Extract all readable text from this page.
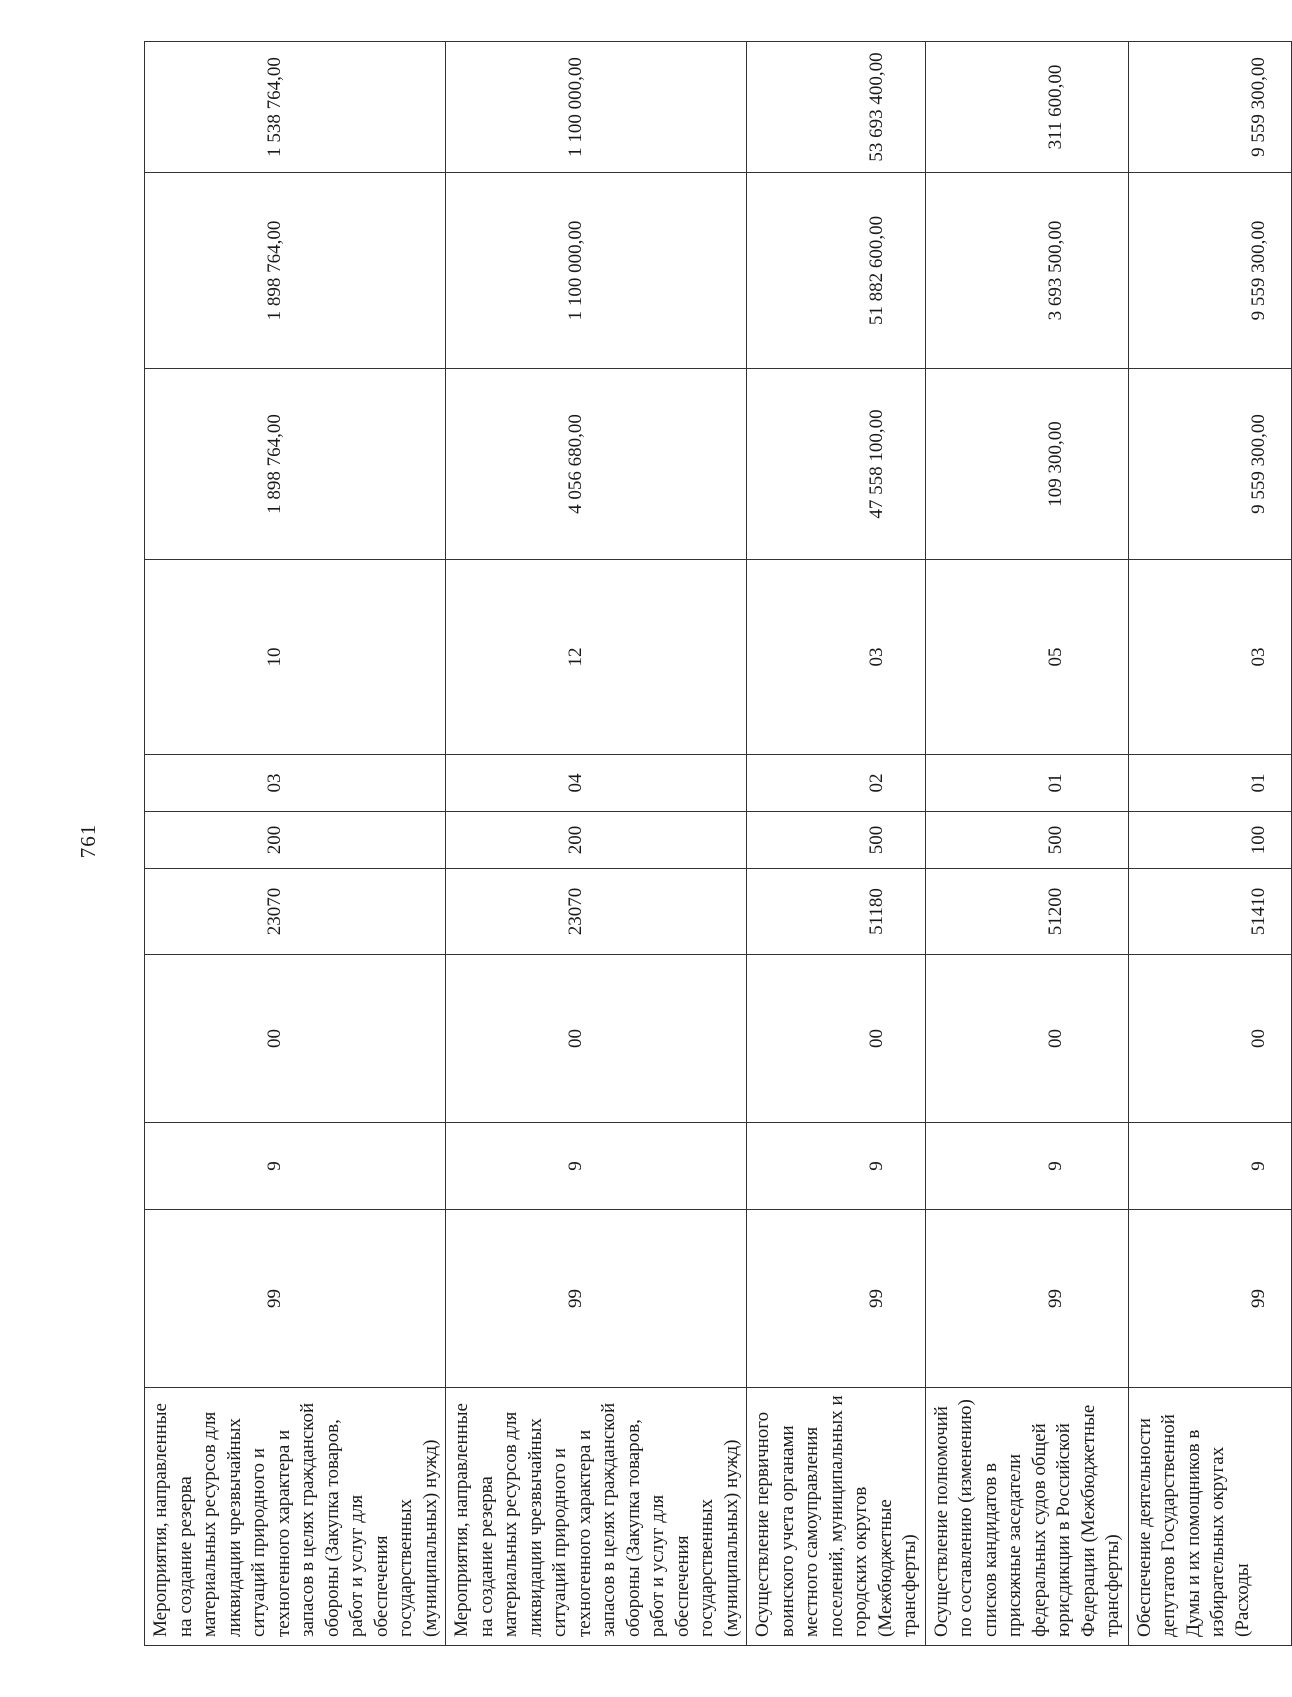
761
Мероприятия, направленные на создание резерва материальных ресурсов для ликвидации чрезвычайных ситуаций природного и техногенного характера и запасов в целях гражданской обороны (Закупка товаров, работ и услуг для обеспечения государственных (муниципальных) нужд)	99	9	00	23070	200	03	10	1 898 764,00	1 898 764,00	1 538 764,00
Мероприятия, направленные на создание резерва материальных ресурсов для ликвидации чрезвычайных ситуаций природного и техногенного характера и запасов в целях гражданской обороны (Закупка товаров, работ и услуг для обеспечения государственных (муниципальных) нужд)	99	9	00	23070	200	04	12	4 056 680,00	1 100 000,00	1 100 000,00
Осуществление первичного воинского учета органами местного самоуправления поселений, муниципальных и городских округов (Межбюджетные трансферты)	99	9	00	51180	500	02	03	47 558 100,00	51 882 600,00	53 693 400,00
Осуществление полномочий по составлению (изменению) списков кандидатов в присяжные заседатели федеральных судов общей юрисдикции в Российской Федерации (Межбюджетные трансферты)	99	9	00	51200	500	01	05	109 300,00	3 693 500,00	311 600,00
Обеспечение деятельности депутатов Государственной Думы и их помощников в избирательных округах (Расходы	99	9	00	51410	100	01	03	9 559 300,00	9 559 300,00	9 559 300,00
